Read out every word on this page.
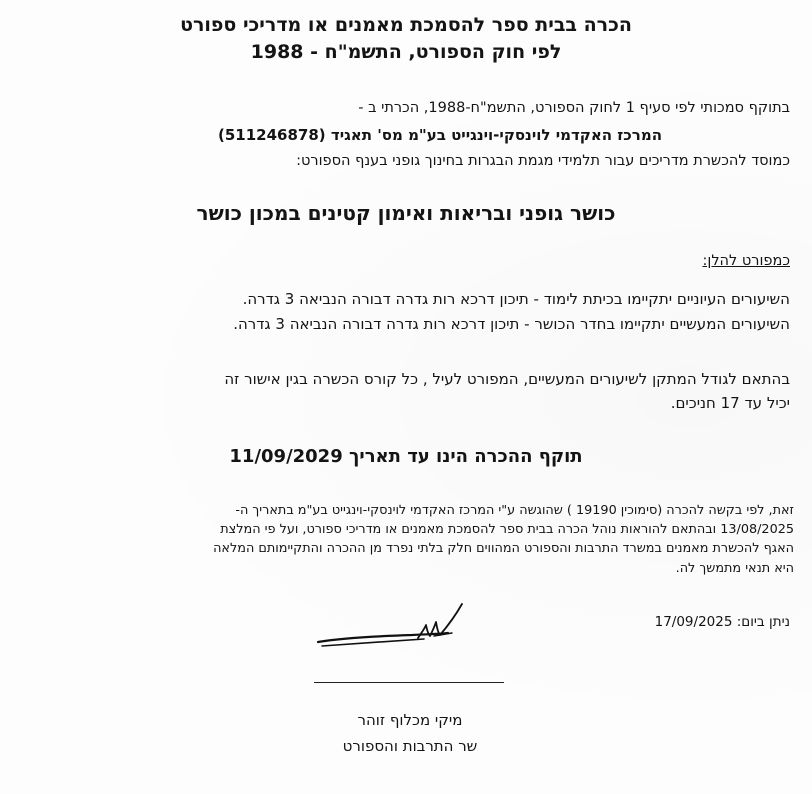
הכרה בבית ספר להסמכת מאמנים או מדריכי ספורט
לפי חוק הספורט, התשמ"ח - 1988
בתוקף סמכותי לפי סעיף 1 לחוק הספורט, התשמ"ח-1988, הכרתי ב -
המרכז האקדמי לוינסקי-וינגייט בע"מ מס' תאגיד (511246878)
כמוסד להכשרת מדריכים עבור תלמידי מגמת הבגרות בחינוך גופני בענף הספורט:
כושר גופני ובריאות ואימון קטינים במכון כושר
כמפורט להלן:
השיעורים העיוניים יתקיימו בכיתת לימוד - תיכון דרכא רות גדרה דבורה הנביאה 3 גדרה.
השיעורים המעשיים יתקיימו בחדר הכושר - תיכון דרכא רות גדרה דבורה הנביאה 3 גדרה.
בהתאם לגודל המתקן לשיעורים המעשיים, המפורט לעיל , כל קורס הכשרה בגין אישור זה
יכיל עד 17 חניכים.
תוקף ההכרה הינו עד תאריך 11/09/2029
זאת, לפי בקשה להכרה (סימוכין 19190 ) שהוגשה ע"י המרכז האקדמי לוינסקי-וינגייט בע"מ בתאריך ה-
13/08/2025 ובהתאם להוראות נוהל הכרה בבית ספר להסמכת מאמנים או מדריכי ספורט, ועל פי המלצת
האגף להכשרת מאמנים במשרד התרבות והספורט המהווים חלק בלתי נפרד מן ההכרה והתקיימותם המלאה
היא תנאי מתמשך לה.
ניתן ביום: 17/09/2025
מיקי מכלוף זוהר
שר התרבות והספורט
